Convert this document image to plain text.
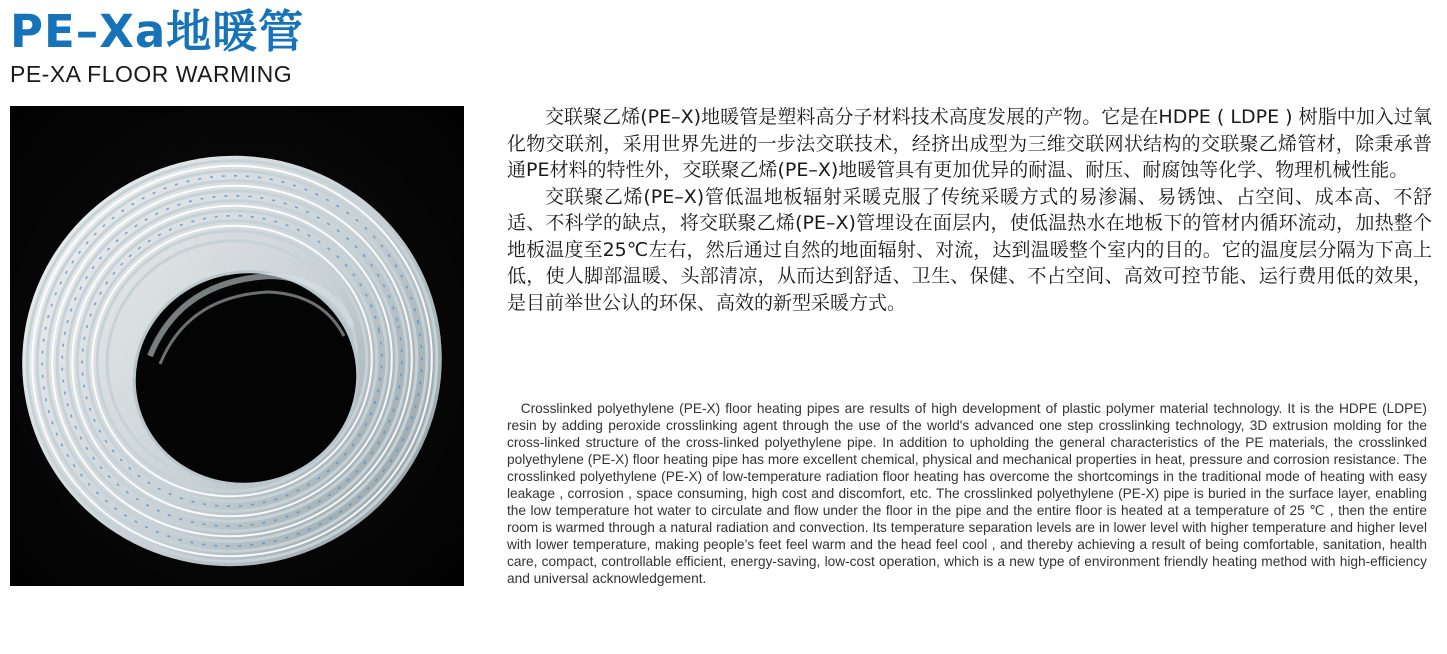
PE–Xa地暖管
PE-XA FLOOR WARMING

交联聚乙烯(PE–X)地暖管是塑料高分子材料技术高度发展的产物。它是在HDPE ( LDPE ) 树脂中加入过氧化物交联剂，采用世界先进的一步法交联技术，经挤出成型为三维交联网状结构的交联聚乙烯管材，除秉承普通PE材料的特性外，交联聚乙烯(PE–X)地暖管具有更加优异的耐温、耐压、耐腐蚀等化学、物理机械性能。

交联聚乙烯(PE–X)管低温地板辐射采暖克服了传统采暖方式的易渗漏、易锈蚀、占空间、成本高、不舒适、不科学的缺点，将交联聚乙烯(PE–X)管埋设在面层内，使低温热水在地板下的管材内循环流动，加热整个地板温度至25℃左右，然后通过自然的地面辐射、对流，达到温暖整个室内的目的。它的温度层分隔为下高上低，使人脚部温暖、头部清凉，从而达到舒适、卫生、保健、不占空间、高效可控节能、运行费用低的效果，是目前举世公认的环保、高效的新型采暖方式。

Crosslinked polyethylene (PE-X) floor heating pipes are results of high development of plastic polymer material technology. It is the HDPE (LDPE) resin by adding peroxide crosslinking agent through the use of the world's advanced one step crosslinking technology, 3D extrusion molding for the cross-linked structure of the cross-linked polyethylene pipe. In addition to upholding the general characteristics of the PE materials, the crosslinked polyethylene (PE-X) floor heating pipe has more excellent chemical, physical and mechanical properties in heat, pressure and corrosion resistance. The crosslinked polyethylene (PE-X) of low-temperature radiation floor heating has overcome the shortcomings in the traditional mode of heating with easy leakage , corrosion , space consuming, high cost and discomfort, etc. The crosslinked polyethylene (PE-X) pipe is buried in the surface layer, enabling the low temperature hot water to circulate and flow under the floor in the pipe and the entire floor is heated at a temperature of 25 ℃ , then the entire room is warmed through a natural radiation and convection. Its temperature separation levels are in lower level with higher temperature and higher level with lower temperature, making people’s feet feel warm and the head feel cool , and thereby achieving a result of being comfortable, sanitation, health care, compact, controllable efficient, energy-saving, low-cost operation, which is a new type of environment friendly heating method with high-efficiency and universal acknowledgement.
